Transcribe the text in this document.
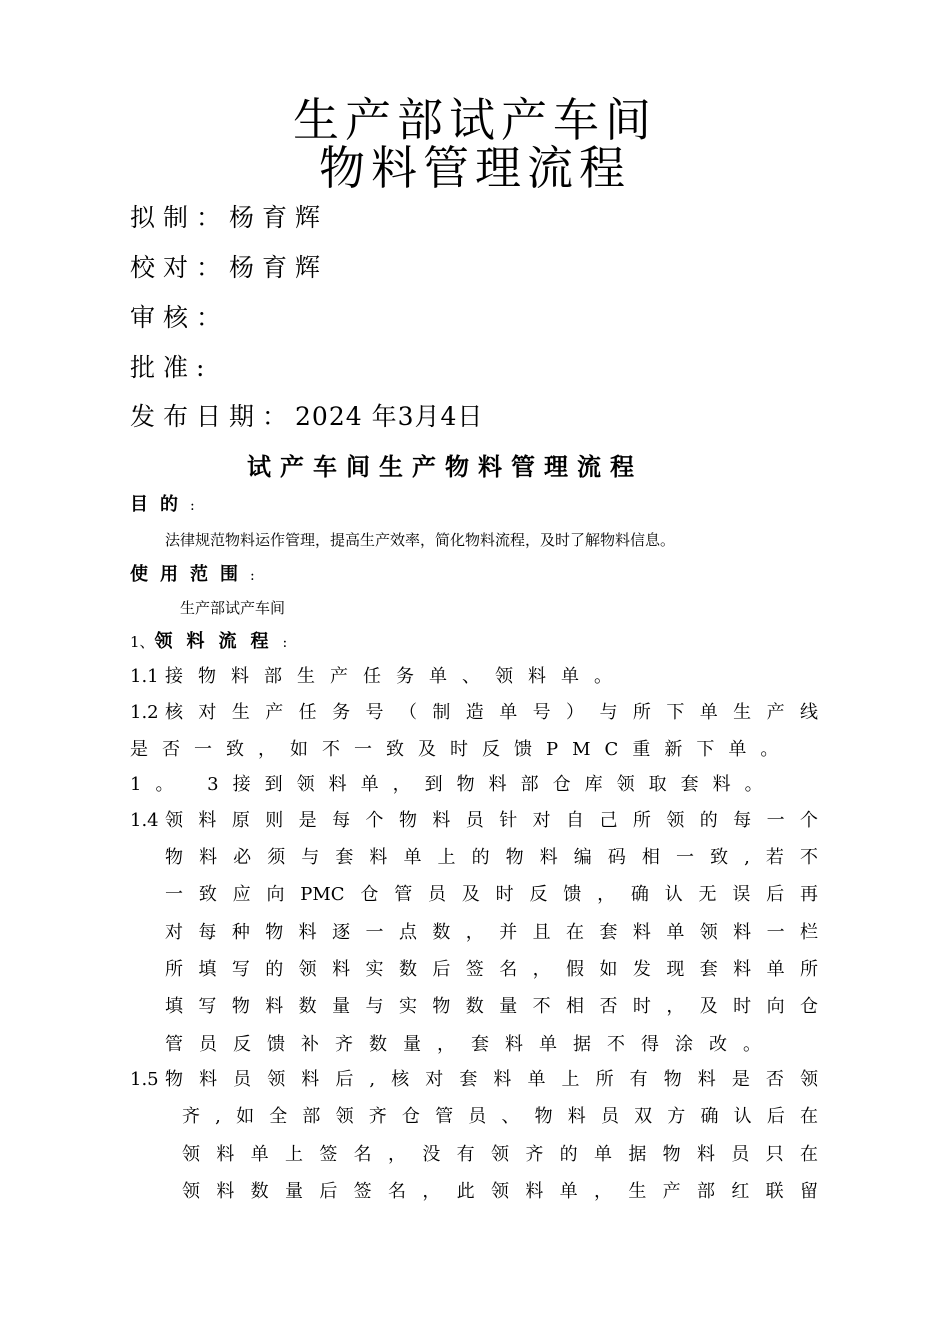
生产部试产车间
物料管理流程
拟制：杨育辉
校对：杨育辉
审核：
批准:
发布日期：2024 年3月4日
试产车间生产物料管理流程
目的:
法律规范物料运作管理，提高生产效率，简化物料流程，及时了解物料信息。
使用范围:
生产部试产车间
1、领料流程:
1.1 接物料部生产任务单、领料单。
1.2 核对生产任务号（制造单号）与所下单生产线
是否一致，如不一致及时反馈PMC重新下单。
1。 3接到领料单，到物料部仓库领取套料。
1.4 领料原则是每个物料员针对自己所领的每一个
物料必须与套料单上的物料编码相一致,若不
一致应向PMC仓管员及时反馈，确认无误后再
对每种物料逐一点数，并且在套料单领料一栏
所填写的领料实数后签名，假如发现套料单所
填写物料数量与实物数量不相否时，及时向仓
管员反馈补齐数量，套料单据不得涂改。
1.5 物料员领料后,核对套料单上所有物料是否领
齐,如全部领齐仓管员、物料员双方确认后在
领料单上签名，没有领齐的单据物料员只在
领料数量后签名，此领料单，生产部红联留
